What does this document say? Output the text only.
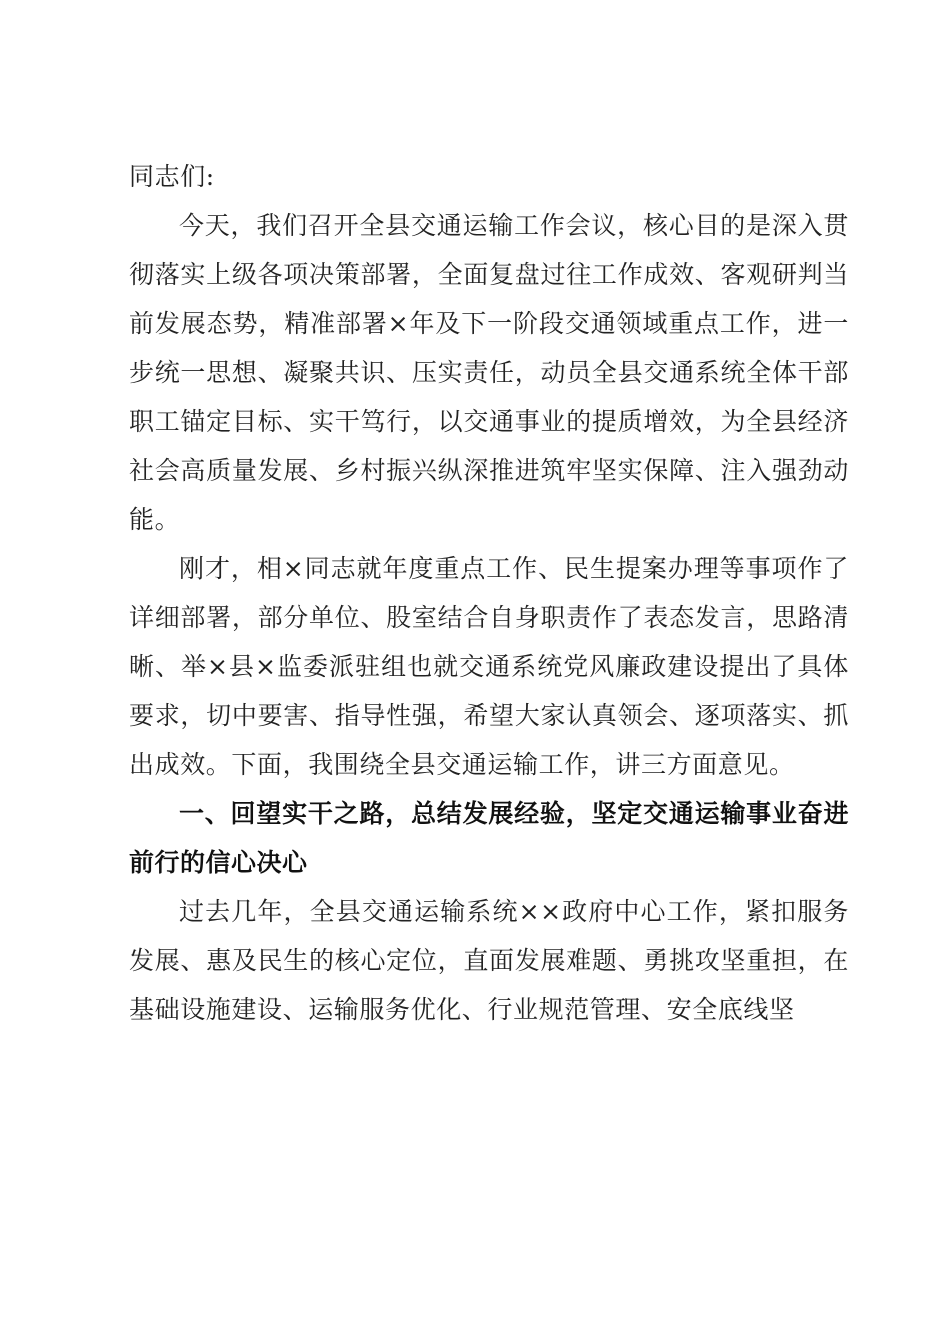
同志们:

今天，我们召开全县交通运输工作会议，核心目的是深入贯彻落实上级各项决策部署，全面复盘过往工作成效、客观研判当前发展态势，精准部署×年及下一阶段交通领域重点工作，进一步统一思想、凝聚共识、压实责任，动员全县交通系统全体干部职工锚定目标、实干笃行，以交通事业的提质增效，为全县经济社会高质量发展、乡村振兴纵深推进筑牢坚实保障、注入强劲动能。

刚才，相×同志就年度重点工作、民生提案办理等事项作了详细部署，部分单位、股室结合自身职责作了表态发言，思路清晰、举×县×监委派驻组也就交通系统党风廉政建设提出了具体要求，切中要害、指导性强，希望大家认真领会、逐项落实、抓出成效。下面，我围绕全县交通运输工作，讲三方面意见。

一、回望实干之路，总结发展经验，坚定交通运输事业奋进前行的信心决心

过去几年，全县交通运输系统××政府中心工作，紧扣服务发展、惠及民生的核心定位，直面发展难题、勇挑攻坚重担，在基础设施建设、运输服务优化、行业规范管理、安全底线坚
